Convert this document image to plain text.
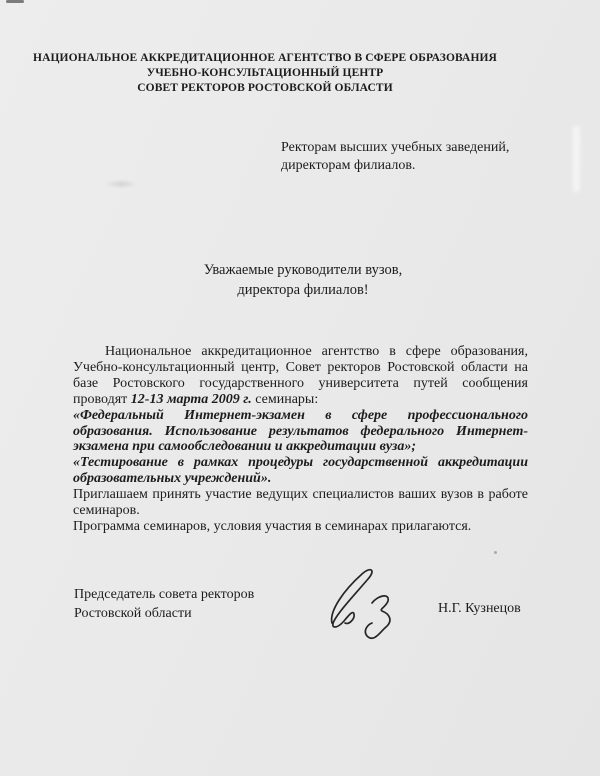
НАЦИОНАЛЬНОЕ АККРЕДИТАЦИОННОЕ АГЕНТСТВО В СФЕРЕ ОБРАЗОВАНИЯ
УЧЕБНО-КОНСУЛЬТАЦИОННЫЙ ЦЕНТР
СОВЕТ РЕКТОРОВ РОСТОВСКОЙ ОБЛАСТИ
Ректорам высших учебных заведений,
директорам филиалов.
Уважаемые руководители вузов,
директора филиалов!

Национальное аккредитационное агентство в сфере образования, Учебно-консультационный центр, Совет ректоров Ростовской области на базе Ростовского государственного университета путей сообщения проводят 12-13 марта 2009 г. семинары:

«Федеральный Интернет-экзамен в сфере профессионального образования. Использование результатов федерального Интернет-экзамена при самообследовании и аккредитации вуза»;

«Тестирование в рамках процедуры государственной аккредитации образовательных учреждений».

Приглашаем принять участие ведущих специалистов ваших вузов в работе семинаров.

Программа семинаров, условия участия в семинарах прилагаются.

Председатель совета ректоров
Ростовской области	Н.Г. Кузнецов
